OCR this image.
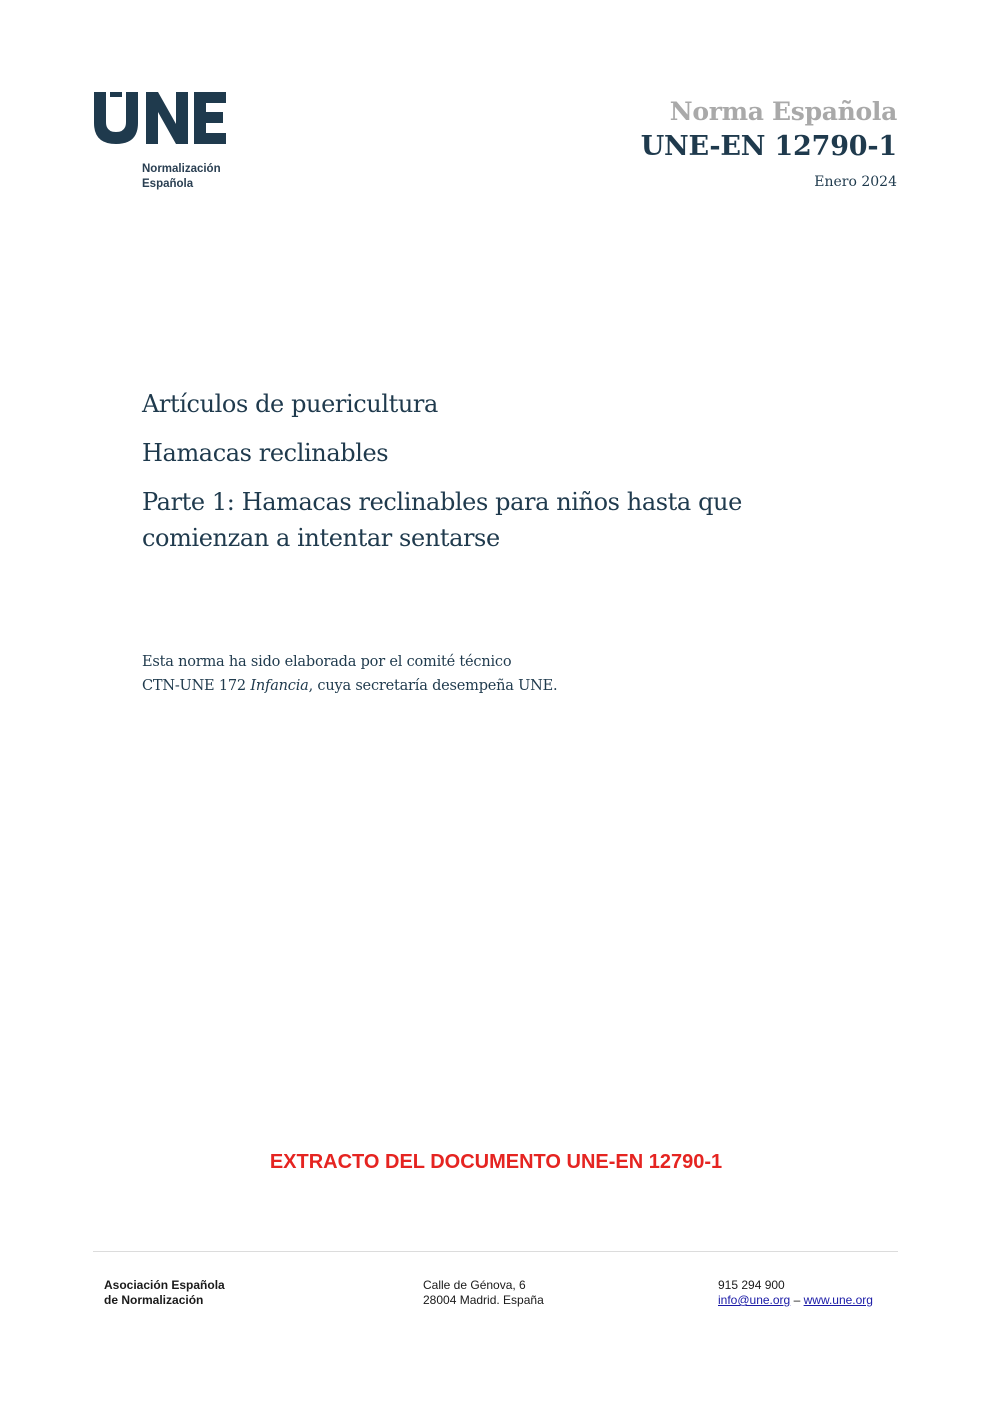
Normalización
Española
Norma Española
UNE-EN 12790-1
Enero 2024
Artículos de puericultura
Hamacas reclinables
Parte 1: Hamacas reclinables para niños hasta que
comienzan a intentar sentarse
Esta norma ha sido elaborada por el comité técnico
CTN-UNE 172 Infancia, cuya secretaría desempeña UNE.
EXTRACTO DEL DOCUMENTO UNE-EN 12790-1
Asociación Española
de Normalización
Calle de Génova, 6
28004 Madrid. España
915 294 900
info@une.org – www.une.org
